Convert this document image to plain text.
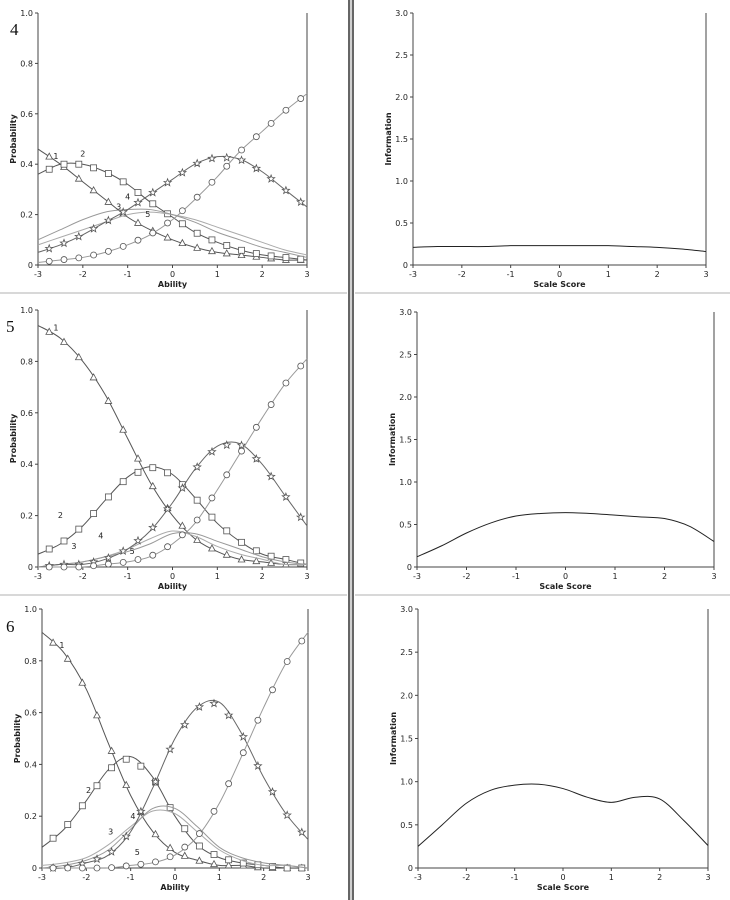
0
0.2
0.4
0.6
0.8
1.0
-3	-2	-1	0	1	2	3
Ability
Probability
4
1	2
3
4
5
0
0.5
1.0
1.5
2.0
2.5
3.0
-3	-2	-1	0	1	2	3
Scale Score
Information
0
0.2
0.4
0.6
0.8
1.0
-3	-2	-1	0	1	2	3
Ability
Probability
5	1
2
3
4
5
0
0.5
1.0
1.5
2.0
2.5
3.0
-3	-2	-1	0	1	2	3
Scale Score
Information
0
0.2
0.4
0.6
0.8
1.0
-3	-2	-1	0	1	2	3
Ability
Probability
6
1
2
3
4
5
0
0.5
1.0
1.5
2.0
2.5
3.0
-3	-2	-1	0	1	2	3
Scale Score
Information
